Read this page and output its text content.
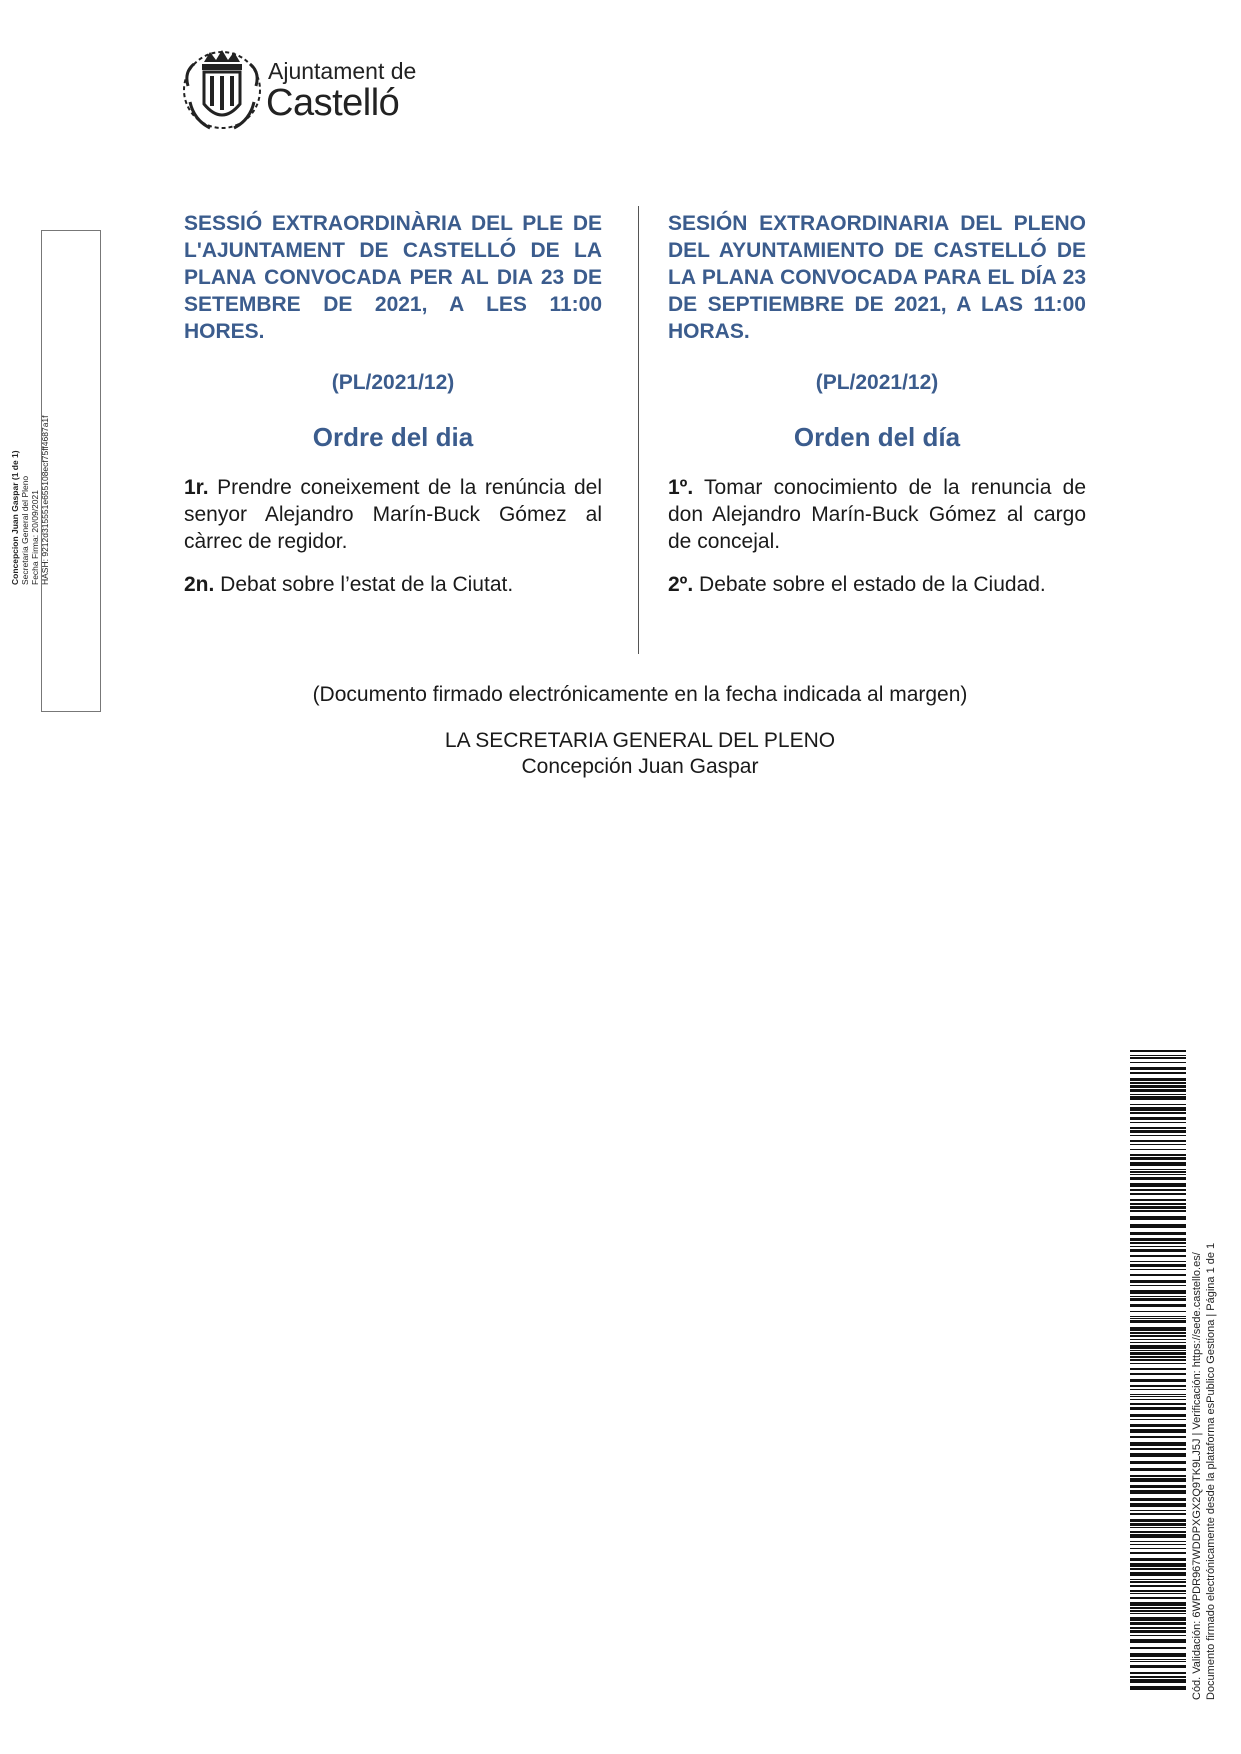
Ajuntament de
Castelló
Concepcion Juan Gaspar (1 de 1) Secretaria General del Pleno Fecha Firma: 20/09/2021 HASH: 9212d315551e655108ecf75ff4687a1f

SESSIÓ EXTRAORDINÀRIA DEL PLE DE L'AJUNTAMENT DE CASTELLÓ DE LA PLANA CONVOCADA PER AL DIA 23 DE SETEMBRE DE 2021, A LES 11:00 HORES.

(PL/2021/12)
Ordre del dia
1r. Prendre coneixement de la renúncia del senyor Alejandro Marín-Buck Gómez al càrrec de regidor.
2n. Debat sobre l’estat de la Ciutat.

SESIÓN EXTRAORDINARIA DEL PLENO DEL AYUNTAMIENTO DE CASTELLÓ DE LA PLANA CONVOCADA PARA EL DÍA 23 DE SEPTIEMBRE DE 2021, A LAS 11:00 HORAS.

(PL/2021/12)
Orden del día
1º. Tomar conocimiento de la renuncia de don Alejandro Marín-Buck Gómez al cargo de concejal.
2º. Debate sobre el estado de la Ciudad.
(Documento firmado electrónicamente en la fecha indicada al margen)
LA SECRETARIA GENERAL DEL PLENO
Concepción Juan Gaspar
Cód. Validación: 6WPDR967WDDPXGX2Q9TK9LJ5J | Verificación: https://sede.castello.es/ Documento firmado electrónicamente desde la plataforma esPublico Gestiona | Página 1 de 1
